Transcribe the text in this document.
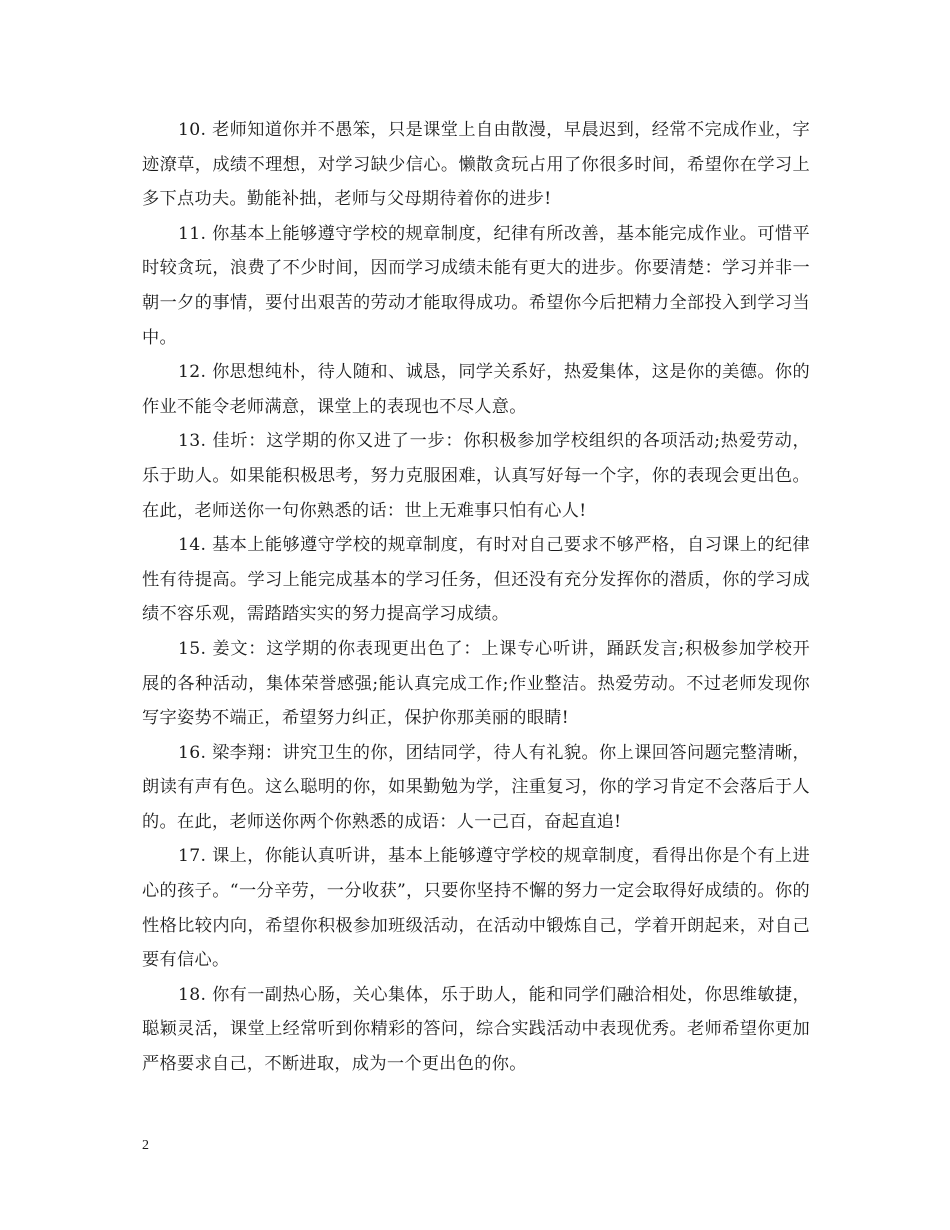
10. 老师知道你并不愚笨，只是课堂上自由散漫，早晨迟到，经常不完成作业，字迹潦草，成绩不理想，对学习缺少信心。懒散贪玩占用了你很多时间，希望你在学习上多下点功夫。勤能补拙，老师与父母期待着你的进步!

11. 你基本上能够遵守学校的规章制度，纪律有所改善，基本能完成作业。可惜平时较贪玩，浪费了不少时间，因而学习成绩未能有更大的进步。你要清楚：学习并非一朝一夕的事情，要付出艰苦的劳动才能取得成功。希望你今后把精力全部投入到学习当中。

12. 你思想纯朴，待人随和、诚恳，同学关系好，热爱集体，这是你的美德。你的作业不能令老师满意，课堂上的表现也不尽人意。

13. 佳圻：这学期的你又进了一步：你积极参加学校组织的各项活动;热爱劳动，乐于助人。如果能积极思考，努力克服困难，认真写好每一个字，你的表现会更出色。在此，老师送你一句你熟悉的话：世上无难事只怕有心人!

14. 基本上能够遵守学校的规章制度，有时对自己要求不够严格，自习课上的纪律性有待提高。学习上能完成基本的学习任务，但还没有充分发挥你的潜质，你的学习成绩不容乐观，需踏踏实实的努力提高学习成绩。

15. 姜文：这学期的你表现更出色了：上课专心听讲，踊跃发言;积极参加学校开展的各种活动，集体荣誉感强;能认真完成工作;作业整洁。热爱劳动。不过老师发现你写字姿势不端正，希望努力纠正，保护你那美丽的眼睛!

16. 梁李翔：讲究卫生的你，团结同学，待人有礼貌。你上课回答问题完整清晰，朗读有声有色。这么聪明的你，如果勤勉为学，注重复习，你的学习肯定不会落后于人的。在此，老师送你两个你熟悉的成语：人一己百，奋起直追!

17. 课上，你能认真听讲，基本上能够遵守学校的规章制度，看得出你是个有上进心的孩子。“一分辛劳，一分收获”，只要你坚持不懈的努力一定会取得好成绩的。你的性格比较内向，希望你积极参加班级活动，在活动中锻炼自己，学着开朗起来，对自己要有信心。

18. 你有一副热心肠，关心集体，乐于助人，能和同学们融洽相处，你思维敏捷，聪颖灵活，课堂上经常听到你精彩的答问，综合实践活动中表现优秀。老师希望你更加严格要求自己，不断进取，成为一个更出色的你。

2
